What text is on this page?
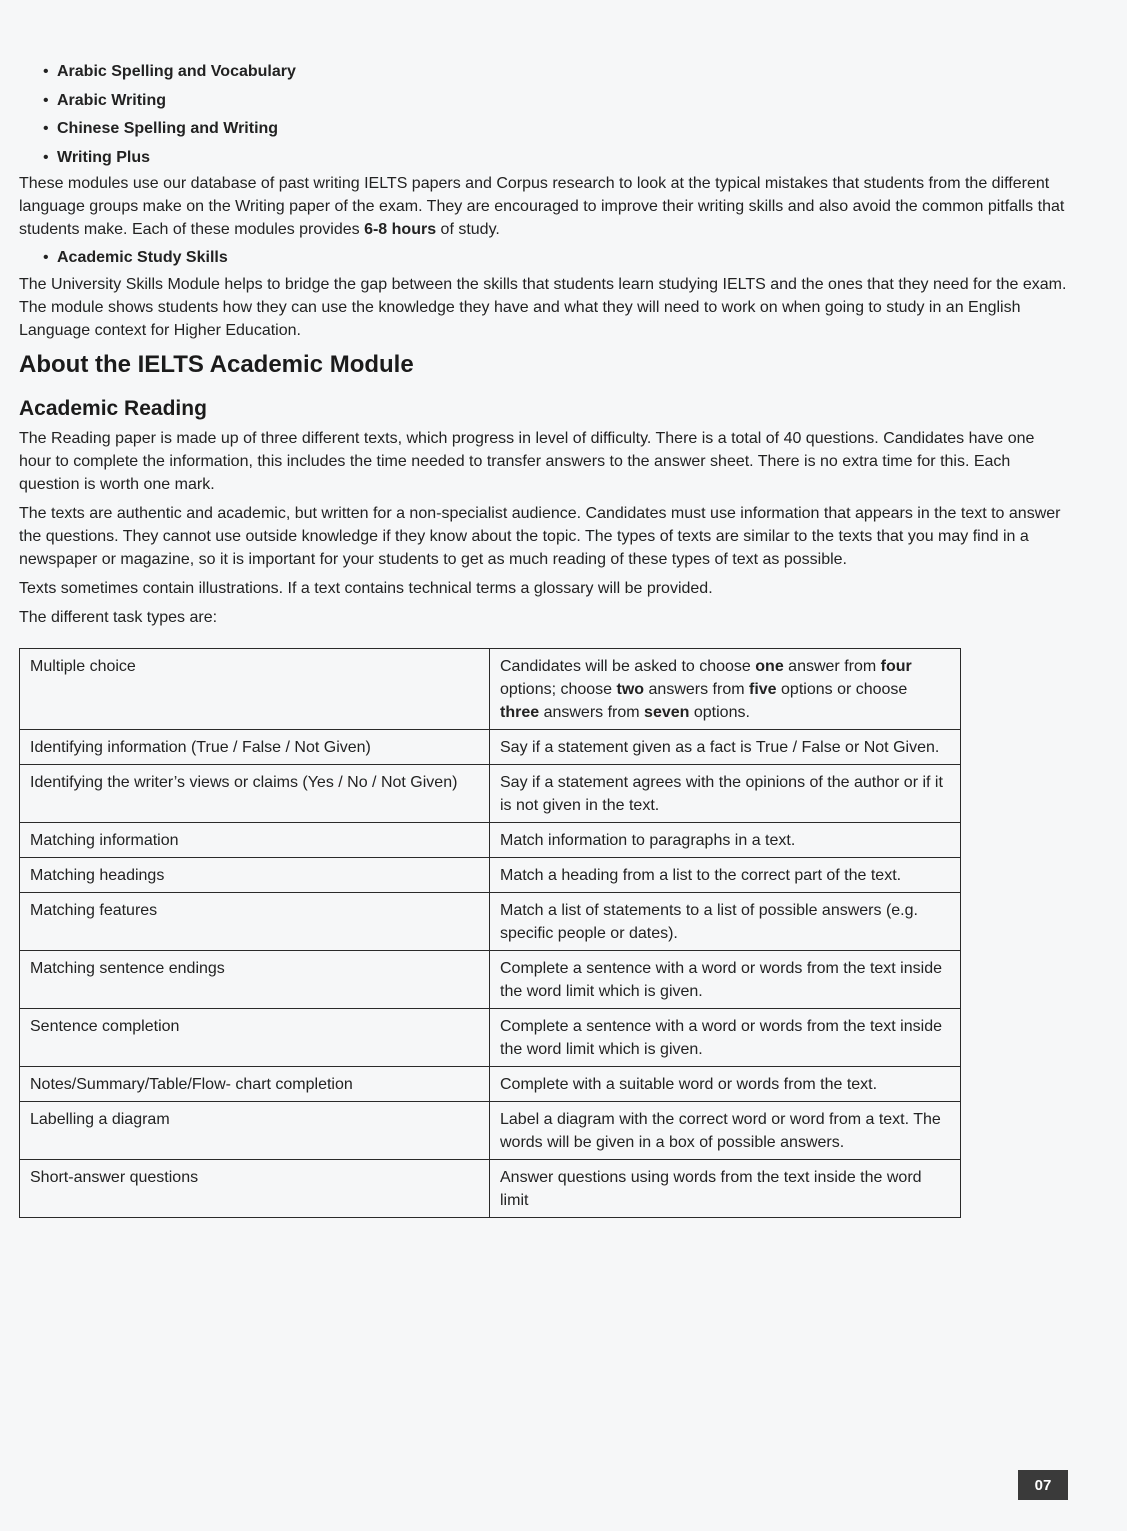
• Arabic Spelling and Vocabulary
• Arabic Writing
• Chinese Spelling and Writing
• Writing Plus

These modules use our database of past writing IELTS papers and Corpus research to look at the typical mistakes that students from the different language groups make on the Writing paper of the exam. They are encouraged to improve their writing skills and also avoid the common pitfalls that students make. Each of these modules provides 6-8 hours of study.

• Academic Study Skills

The University Skills Module helps to bridge the gap between the skills that students learn studying IELTS and the ones that they need for the exam. The module shows students how they can use the knowledge they have and what they will need to work on when going to study in an English Language context for Higher Education.

About the IELTS Academic Module
Academic Reading

The Reading paper is made up of three different texts, which progress in level of difficulty. There is a total of 40 questions. Candidates have one hour to complete the information, this includes the time needed to transfer answers to the answer sheet. There is no extra time for this. Each question is worth one mark.

The texts are authentic and academic, but written for a non-specialist audience. Candidates must use information that appears in the text to answer the questions. They cannot use outside knowledge if they know about the topic. The types of texts are similar to the texts that you may find in a newspaper or magazine, so it is important for your students to get as much reading of these types of text as possible.

Texts sometimes contain illustrations. If a text contains technical terms a glossary will be provided.

The different task types are:

Multiple choice	Candidates will be asked to choose one answer from four options; choose two answers from five options or choose three answers from seven options.
Identifying information (True / False / Not Given)	Say if a statement given as a fact is True / False or Not Given.
Identifying the writer’s views or claims (Yes / No / Not Given)	Say if a statement agrees with the opinions of the author or if it is not given in the text.
Matching information	Match information to paragraphs in a text.
Matching headings	Match a heading from a list to the correct part of the text.
Matching features	Match a list of statements to a list of possible answers (e.g. specific people or dates).
Matching sentence endings	Complete a sentence with a word or words from the text inside the word limit which is given.
Sentence completion	Complete a sentence with a word or words from the text inside the word limit which is given.
Notes/Summary/Table/Flow- chart completion	Complete with a suitable word or words from the text.
Labelling a diagram	Label a diagram with the correct word or word from a text. The words will be given in a box of possible answers.
Short-answer questions	Answer questions using words from the text inside the word limit
07
